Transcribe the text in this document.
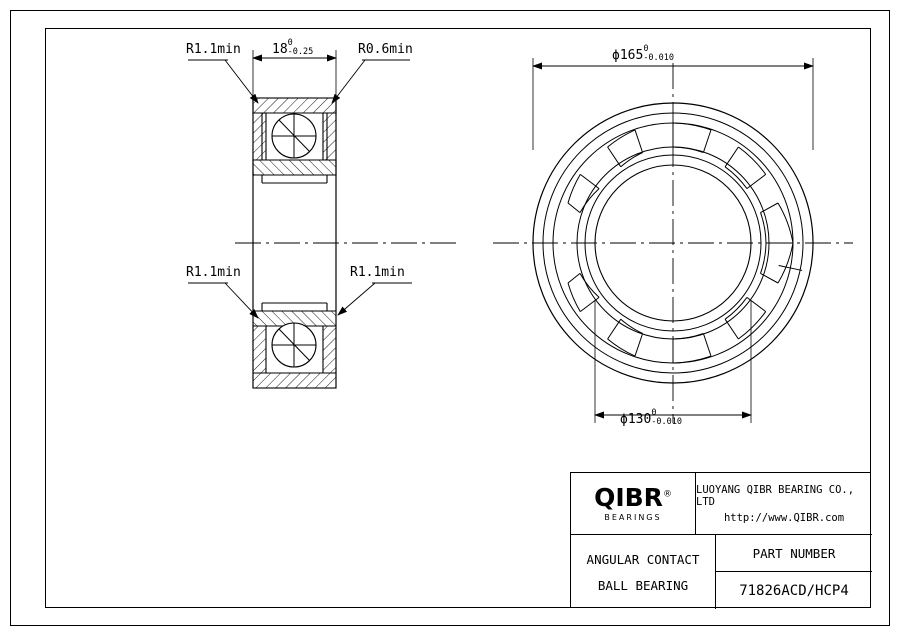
R1.1min	R0.6min
R1.1min	R1.1min
18 0
-0.25	ϕ165 0
-0.010
ϕ130 0
-0.010
QIBR®
BEARINGS
LUOYANG QIBR BEARING CO., LTD
http://www.QIBR.com
ANGULAR CONTACT
BALL BEARING
PART NUMBER
71826ACD/HCP4
